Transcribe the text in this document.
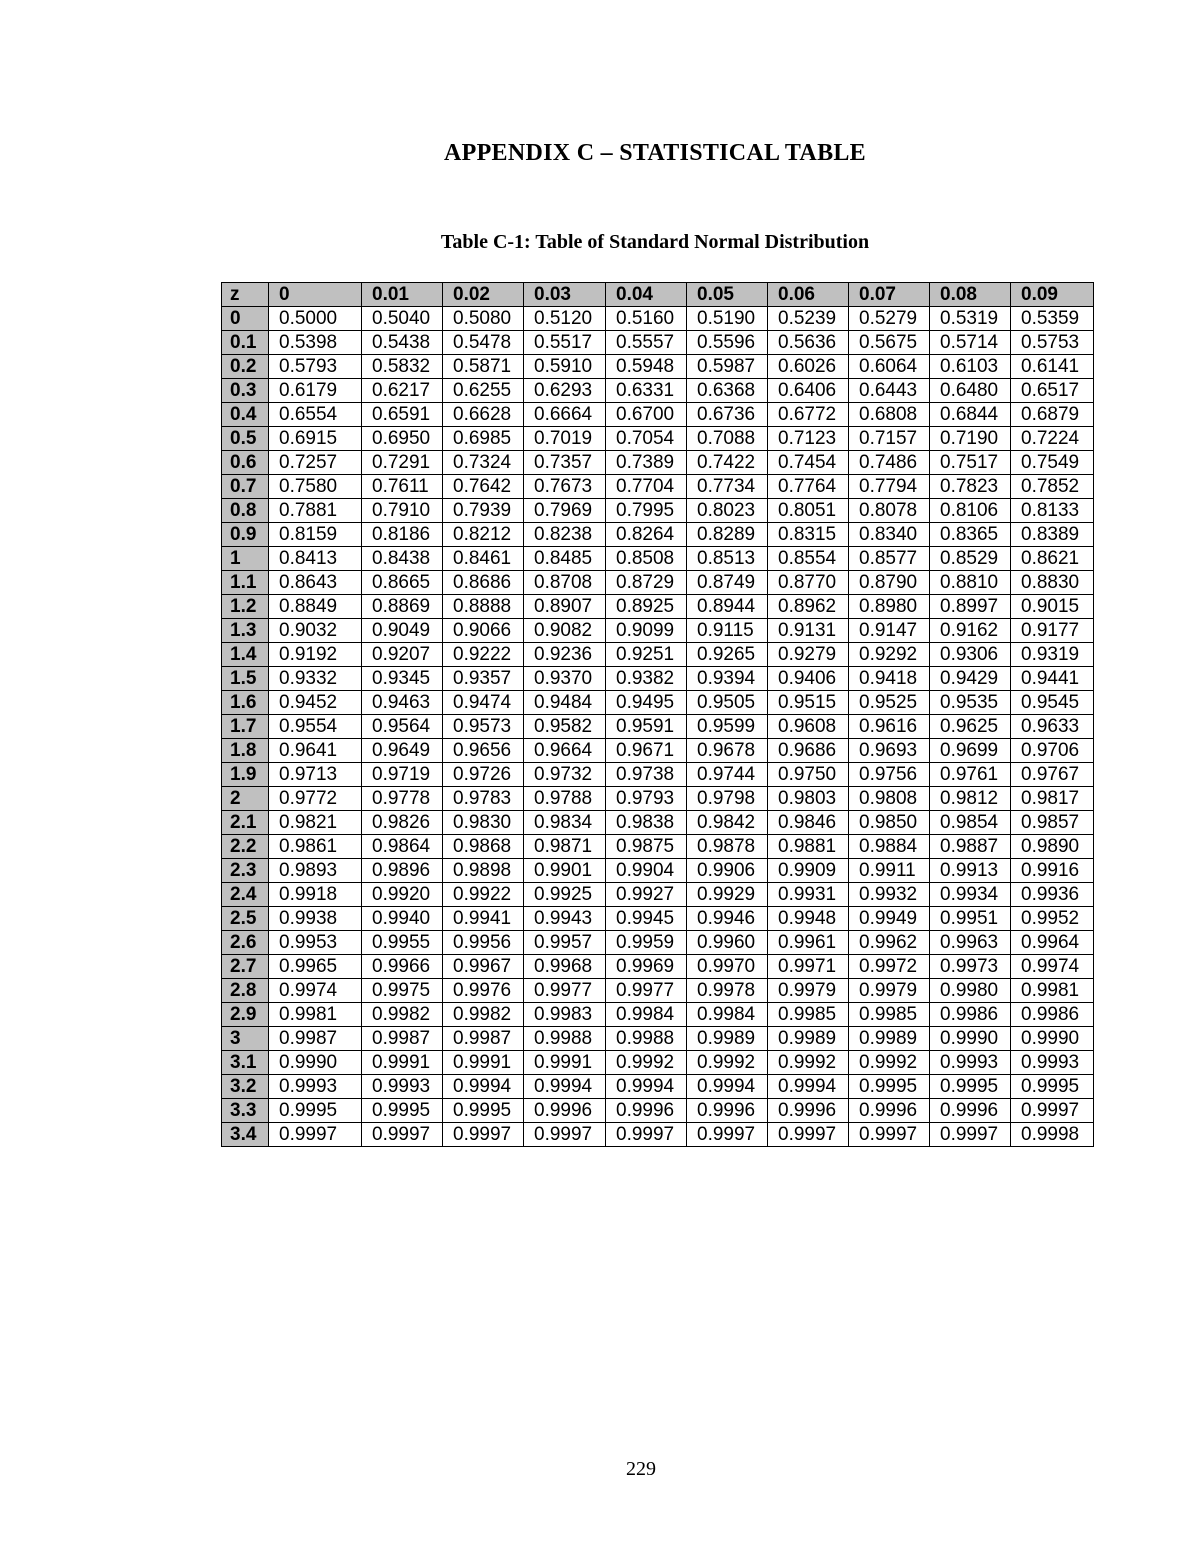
APPENDIX C – STATISTICAL TABLE
Table C-1: Table of Standard Normal Distribution
z	0	0.01	0.02	0.03	0.04	0.05	0.06	0.07	0.08	0.09
0	0.5000	0.5040	0.5080	0.5120	0.5160	0.5190	0.5239	0.5279	0.5319	0.5359
0.1	0.5398	0.5438	0.5478	0.5517	0.5557	0.5596	0.5636	0.5675	0.5714	0.5753
0.2	0.5793	0.5832	0.5871	0.5910	0.5948	0.5987	0.6026	0.6064	0.6103	0.6141
0.3	0.6179	0.6217	0.6255	0.6293	0.6331	0.6368	0.6406	0.6443	0.6480	0.6517
0.4	0.6554	0.6591	0.6628	0.6664	0.6700	0.6736	0.6772	0.6808	0.6844	0.6879
0.5	0.6915	0.6950	0.6985	0.7019	0.7054	0.7088	0.7123	0.7157	0.7190	0.7224
0.6	0.7257	0.7291	0.7324	0.7357	0.7389	0.7422	0.7454	0.7486	0.7517	0.7549
0.7	0.7580	0.7611	0.7642	0.7673	0.7704	0.7734	0.7764	0.7794	0.7823	0.7852
0.8	0.7881	0.7910	0.7939	0.7969	0.7995	0.8023	0.8051	0.8078	0.8106	0.8133
0.9	0.8159	0.8186	0.8212	0.8238	0.8264	0.8289	0.8315	0.8340	0.8365	0.8389
1	0.8413	0.8438	0.8461	0.8485	0.8508	0.8513	0.8554	0.8577	0.8529	0.8621
1.1	0.8643	0.8665	0.8686	0.8708	0.8729	0.8749	0.8770	0.8790	0.8810	0.8830
1.2	0.8849	0.8869	0.8888	0.8907	0.8925	0.8944	0.8962	0.8980	0.8997	0.9015
1.3	0.9032	0.9049	0.9066	0.9082	0.9099	0.9115	0.9131	0.9147	0.9162	0.9177
1.4	0.9192	0.9207	0.9222	0.9236	0.9251	0.9265	0.9279	0.9292	0.9306	0.9319
1.5	0.9332	0.9345	0.9357	0.9370	0.9382	0.9394	0.9406	0.9418	0.9429	0.9441
1.6	0.9452	0.9463	0.9474	0.9484	0.9495	0.9505	0.9515	0.9525	0.9535	0.9545
1.7	0.9554	0.9564	0.9573	0.9582	0.9591	0.9599	0.9608	0.9616	0.9625	0.9633
1.8	0.9641	0.9649	0.9656	0.9664	0.9671	0.9678	0.9686	0.9693	0.9699	0.9706
1.9	0.9713	0.9719	0.9726	0.9732	0.9738	0.9744	0.9750	0.9756	0.9761	0.9767
2	0.9772	0.9778	0.9783	0.9788	0.9793	0.9798	0.9803	0.9808	0.9812	0.9817
2.1	0.9821	0.9826	0.9830	0.9834	0.9838	0.9842	0.9846	0.9850	0.9854	0.9857
2.2	0.9861	0.9864	0.9868	0.9871	0.9875	0.9878	0.9881	0.9884	0.9887	0.9890
2.3	0.9893	0.9896	0.9898	0.9901	0.9904	0.9906	0.9909	0.9911	0.9913	0.9916
2.4	0.9918	0.9920	0.9922	0.9925	0.9927	0.9929	0.9931	0.9932	0.9934	0.9936
2.5	0.9938	0.9940	0.9941	0.9943	0.9945	0.9946	0.9948	0.9949	0.9951	0.9952
2.6	0.9953	0.9955	0.9956	0.9957	0.9959	0.9960	0.9961	0.9962	0.9963	0.9964
2.7	0.9965	0.9966	0.9967	0.9968	0.9969	0.9970	0.9971	0.9972	0.9973	0.9974
2.8	0.9974	0.9975	0.9976	0.9977	0.9977	0.9978	0.9979	0.9979	0.9980	0.9981
2.9	0.9981	0.9982	0.9982	0.9983	0.9984	0.9984	0.9985	0.9985	0.9986	0.9986
3	0.9987	0.9987	0.9987	0.9988	0.9988	0.9989	0.9989	0.9989	0.9990	0.9990
3.1	0.9990	0.9991	0.9991	0.9991	0.9992	0.9992	0.9992	0.9992	0.9993	0.9993
3.2	0.9993	0.9993	0.9994	0.9994	0.9994	0.9994	0.9994	0.9995	0.9995	0.9995
3.3	0.9995	0.9995	0.9995	0.9996	0.9996	0.9996	0.9996	0.9996	0.9996	0.9997
3.4	0.9997	0.9997	0.9997	0.9997	0.9997	0.9997	0.9997	0.9997	0.9997	0.9998
229
